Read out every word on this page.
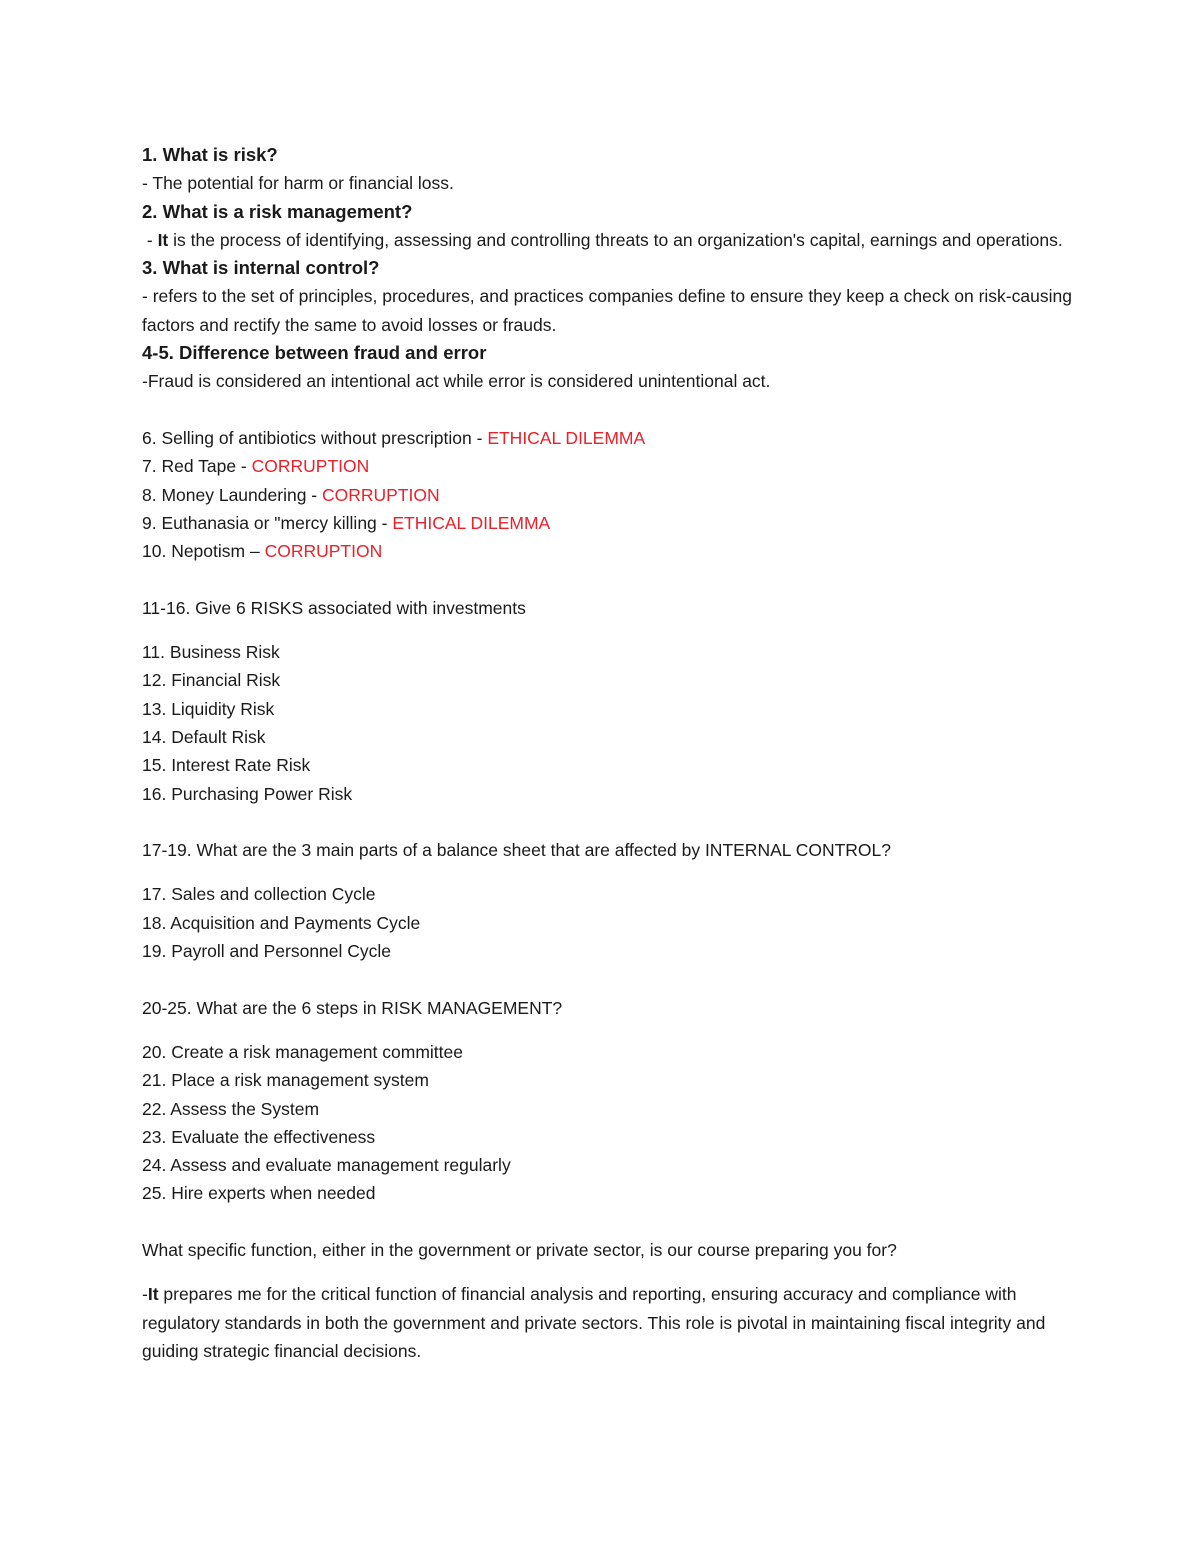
1. What is risk?
- The potential for harm or financial loss.
2. What is a risk management?
- It is the process of identifying, assessing and controlling threats to an organization's capital, earnings and operations.
3. What is internal control?
- refers to the set of principles, procedures, and practices companies define to ensure they keep a check on risk-causing factors and rectify the same to avoid losses or frauds.
4-5. Difference between fraud and error
-Fraud is considered an intentional act while error is considered unintentional act.
6. Selling of antibiotics without prescription - ETHICAL DILEMMA
7. Red Tape - CORRUPTION
8. Money Laundering - CORRUPTION
9. Euthanasia or "mercy killing - ETHICAL DILEMMA
10. Nepotism – CORRUPTION
11-16. Give 6 RISKS associated with investments
11. Business Risk
12. Financial Risk
13. Liquidity Risk
14. Default Risk
15. Interest Rate Risk
16. Purchasing Power Risk
17-19. What are the 3 main parts of a balance sheet that are affected by INTERNAL CONTROL?
17. Sales and collection Cycle
18. Acquisition and Payments Cycle
19. Payroll and Personnel Cycle
20-25. What are the 6 steps in RISK MANAGEMENT?
20. Create a risk management committee
21. Place a risk management system
22. Assess the System
23. Evaluate the effectiveness
24. Assess and evaluate management regularly
25. Hire experts when needed
What specific function, either in the government or private sector, is our course preparing you for?
-It prepares me for the critical function of financial analysis and reporting, ensuring accuracy and compliance with regulatory standards in both the government and private sectors. This role is pivotal in maintaining fiscal integrity and guiding strategic financial decisions.
